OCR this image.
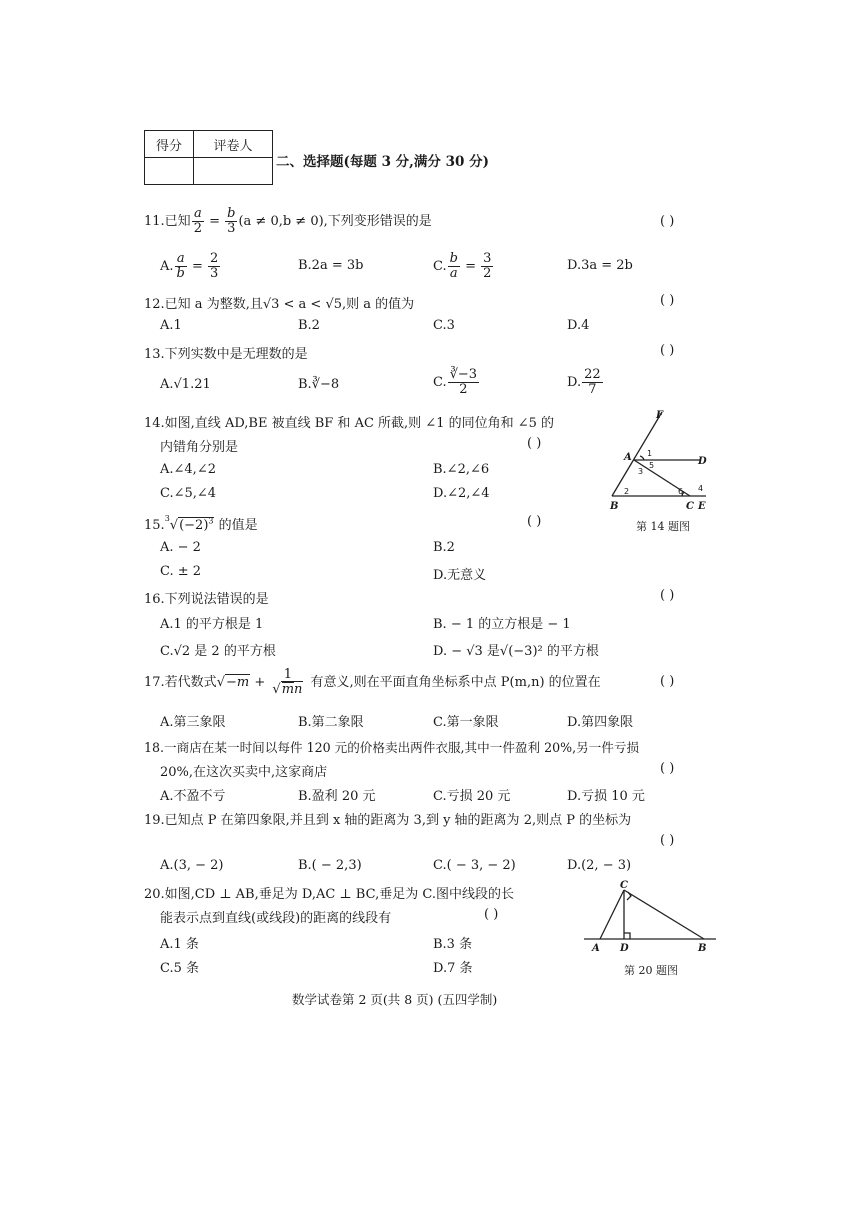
得分	评卷人

二、选择题(每题 3 分,满分 30 分)
11.已知 $\frac{a}{2} = \frac{b}{3} (a \ne 0,b \ne 0)$,下列变形错误的是	( )
A. $\frac{a}{b} = \frac{2}{3}$	B.2a = 3b	C. $\frac{b}{a} = \frac{3}{2}$	D.3a = 2b
12.已知 a 为整数,且√3 < a < √5,则 a 的值为	( )
A.1	B.2	C.3	D.4
13.下列实数中是无理数的是	( )
A.√1.21	B.∛−8	C. $\frac{∛-3}{2}$	D. $\frac{22}{7}$
14.如图,直线 AD,BE 被直线 BF 和 AC 所截,则 ∠1 的同位角和 ∠5 的
内错角分别是	( )
A.∠4,∠2	B.∠2,∠6
C.∠5,∠4	D.∠2,∠4
F
D
A
B	C E
1
5
3
2	6 4
第 14 题图
$15.^3√(-2)^3$ 的值是	( )
A. − 2	B.2
C. ± 2	D.无意义
16.下列说法错误的是	( )
A.1 的平方根是 1	B. − 1 的立方根是 − 1
C.√2 是 2 的平方根	D. − √3 是√(−3)² 的平方根
17.若代数式$√-m + \frac{1}{√mn}$ 有意义,则在平面直角坐标系中点 P(m,n) 的位置在	( )
A.第三象限	B.第二象限	C.第一象限	D.第四象限
18.一商店在某一时间以每件 120 元的价格卖出两件衣服,其中一件盈利 20%,另一件亏损
20%,在这次买卖中,这家商店	( )
A.不盈不亏	B.盈利 20 元	C.亏损 20 元	D.亏损 10 元
19.已知点 P 在第四象限,并且到 x 轴的距离为 3,到 y 轴的距离为 2,则点 P 的坐标为
( )
A.(3, − 2)	B.( − 2,3)	C.( − 3, − 2)	D.(2, − 3)
20.如图,CD ⊥ AB,垂足为 D,AC ⊥ BC,垂足为 C.图中线段的长
能表示点到直线(或线段)的距离的线段有	( )
A.1 条	B.3 条
C.5 条	D.7 条
C
A D	B
第 20 题图
数学试卷第 2 页(共 8 页) (五四学制)
